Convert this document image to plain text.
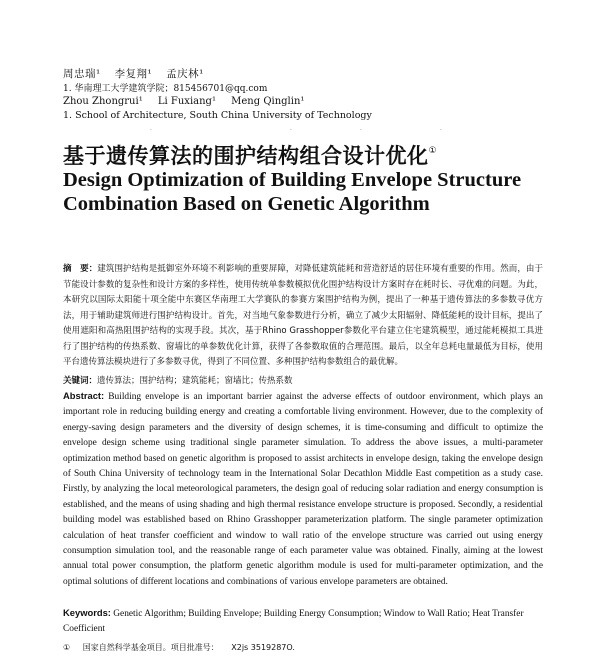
周忠瑞¹ 李复翔¹ 孟庆林¹
1. 华南理工大学建筑学院；815456701@qq.com
Zhou Zhongrui¹ Li Fuxiang¹ Meng Qinglin¹
1. School of Architecture, South China University of Technology
·	·	·	·
基于遗传算法的围护结构组合设计优化①
Design Optimization of Building Envelope Structure Combination Based on Genetic Algorithm
摘　要：建筑围护结构是抵御室外环境不利影响的重要屏障，对降低建筑能耗和营造舒适的居住环境有重要的作用。然而，由于节能设计参数的复杂性和设计方案的多样性，使用传统单参数模拟优化围护结构设计方案时存在耗时长、寻优难的问题。为此，本研究以国际太阳能十项全能中东赛区华南理工大学赛队的参赛方案围护结构为例，提出了一种基于遗传算法的多参数寻优方法，用于辅助建筑师进行围护结构设计。首先，对当地气象参数进行分析，确立了减少太阳辐射、降低能耗的设计目标，提出了使用遮阳和高热阻围护结构的实现手段。其次，基于Rhino Grasshopper参数化平台建立住宅建筑模型，通过能耗模拟工具进行了围护结构的传热系数、窗墙比的单参数优化计算，获得了各参数取值的合理范围。最后，以全年总耗电量最低为目标，使用平台遗传算法模块进行了多参数寻优，得到了不同位置、多种围护结构参数组合的最优解。
关键词：遗传算法；围护结构；建筑能耗；窗墙比；传热系数
Abstract: Building envelope is an important barrier against the adverse effects of outdoor environment, which plays an important role in reducing building energy and creating a comfortable living environment. However, due to the complexity of energy-saving design parameters and the diversity of design schemes, it is time-consuming and difficult to optimize the envelope design scheme using traditional single parameter simulation. To address the above issues, a multi-parameter optimization method based on genetic algorithm is proposed to assist architects in envelope design, taking the envelope design of South China University of technology team in the International Solar Decathlon Middle East competition as a study case. Firstly, by analyzing the local meteorological parameters, the design goal of reducing solar radiation and energy consumption is established, and the means of using shading and high thermal resistance envelope structure is proposed. Secondly, a residential building model was established based on Rhino Grasshopper parameterization platform. The single parameter optimization calculation of heat transfer coefficient and window to wall ratio of the envelope structure was carried out using energy consumption simulation tool, and the reasonable range of each parameter value was obtained. Finally, aiming at the lowest annual total power consumption, the platform genetic algorithm module is used for multi-parameter optimization, and the optimal solutions of different locations and combinations of various envelope parameters are obtained.
Keywords: Genetic Algorithm; Building Envelope; Building Energy Consumption; Window to Wall Ratio; Heat Transfer Coefficient
① 国家自然科学基金项目。项目批准号： X2js 3519287O.
